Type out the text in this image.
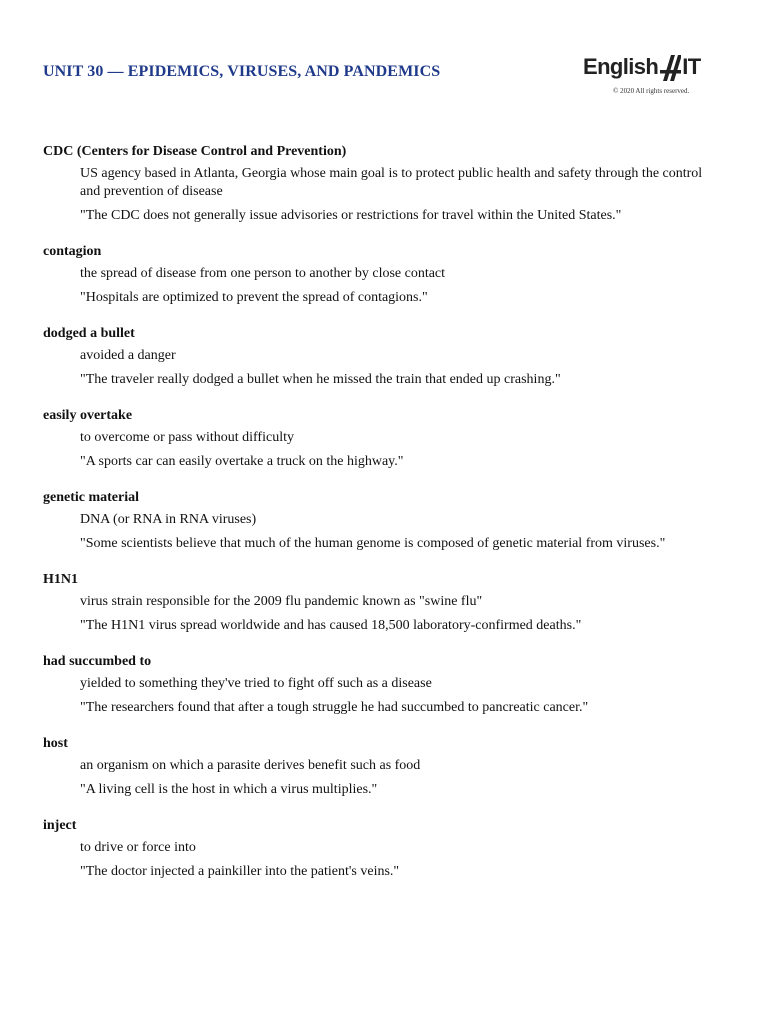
UNIT 30 — EPIDEMICS, VIRUSES, AND PANDEMICS	English IT
© 2020 All rights reserved.
CDC (Centers for Disease Control and Prevention)
US agency based in Atlanta, Georgia whose main goal is to protect public health and safety through the control and prevention of disease
"The CDC does not generally issue advisories or restrictions for travel within the United States."
contagion
the spread of disease from one person to another by close contact
"Hospitals are optimized to prevent the spread of contagions."
dodged a bullet
avoided a danger
"The traveler really dodged a bullet when he missed the train that ended up crashing."
easily overtake
to overcome or pass without difficulty
"A sports car can easily overtake a truck on the highway."
genetic material
DNA (or RNA in RNA viruses)
"Some scientists believe that much of the human genome is composed of genetic material from viruses."
H1N1
virus strain responsible for the 2009 flu pandemic known as "swine flu"
"The H1N1 virus spread worldwide and has caused 18,500 laboratory-confirmed deaths."
had succumbed to
yielded to something they've tried to fight off such as a disease
"The researchers found that after a tough struggle he had succumbed to pancreatic cancer."
host
an organism on which a parasite derives benefit such as food
"A living cell is the host in which a virus multiplies."
inject
to drive or force into
"The doctor injected a painkiller into the patient's veins."
